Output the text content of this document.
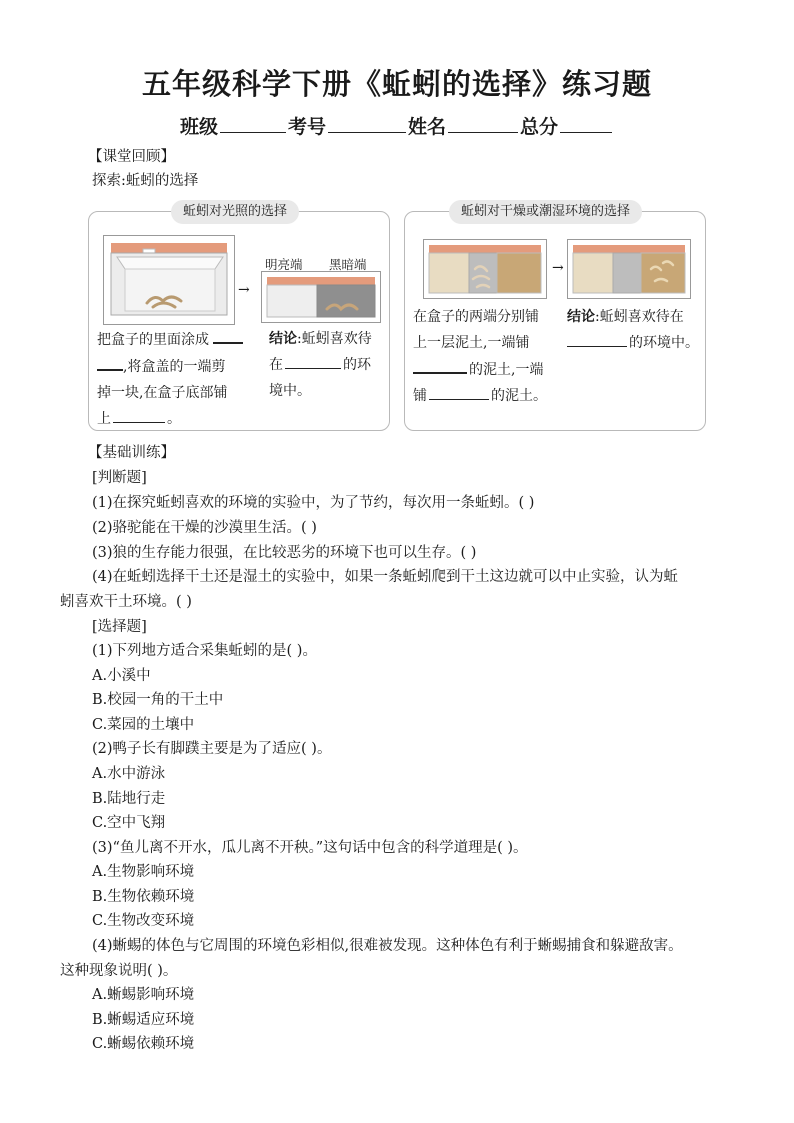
五年级科学下册《蚯蚓的选择》练习题
班级	考号	姓名	总分
【课堂回顾】
探索:蚯蚓的选择
蚯蚓对光照的选择
→
明亮端 黑暗端
把盒子的里面涂成
,将盒盖的一端剪
掉一块,在盒子底部铺
上	。
结论:蚯蚓喜欢待
在	的环
境中。
蚯蚓对干燥或潮湿环境的选择
→
在盒子的两端分别铺
上一层泥土,一端铺
的泥土,一端
铺	的泥土。
结论:蚯蚓喜欢待在
的环境中。
【基础训练】
[判断题]
(1)在探究蚯蚓喜欢的环境的实验中，为了节约，每次用一条蚯蚓。( )
(2)骆驼能在干燥的沙漠里生活。( )
(3)狼的生存能力很强，在比较恶劣的环境下也可以生存。( )
(4)在蚯蚓选择干土还是湿土的实验中，如果一条蚯蚓爬到干土这边就可以中止实验，认为蚯
蚓喜欢干土环境。( )
[选择题]
(1)下列地方适合采集蚯蚓的是( )。
A.小溪中
B.校园一角的干土中
C.菜园的土壤中
(2)鸭子长有脚蹼主要是为了适应( )。
A.水中游泳
B.陆地行走
C.空中飞翔
(3)“鱼儿离不开水，瓜儿离不开秧。”这句话中包含的科学道理是( )。
A.生物影响环境
B.生物依赖环境
C.生物改变环境
(4)蜥蜴的体色与它周围的环境色彩相似,很难被发现。这种体色有利于蜥蜴捕食和躲避敌害。
这种现象说明( )。
A.蜥蜴影响环境
B.蜥蜴适应环境
C.蜥蜴依赖环境
